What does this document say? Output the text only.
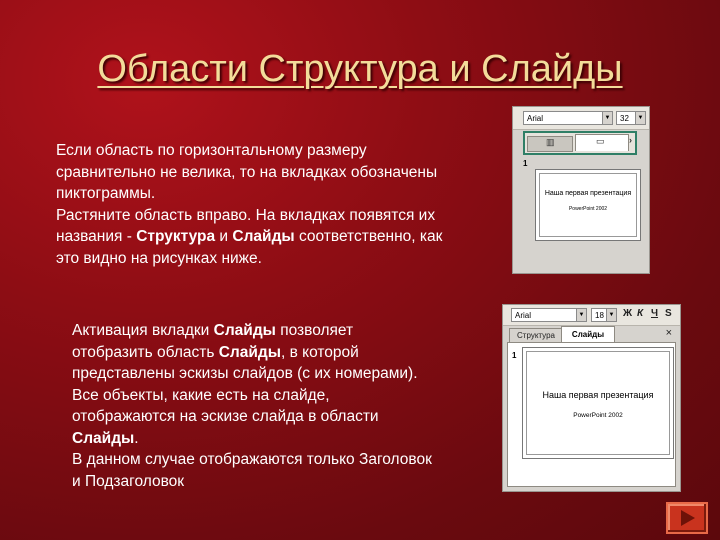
Области Структура и Слайды
Если область по горизонтальному размеру сравнительно не велика, то на вкладках обозначены пиктограммы.
Растяните область вправо. На вкладках появятся их названия - Структура и Слайды соответственно, как это видно на рисунках ниже.
Активация вкладки Слайды позволяет отобразить область Слайды, в которой представлены эскизы слайдов (с их номерами).
Все объекты, какие есть на слайде, отображаются на эскизе слайда в области Слайды.
В данном случае отображаются только Заголовок и Подзаголовок
Arial	▼	32	▼
▥	▭	›
1
Наша первая презентация
PowerPoint 2002
Arial	▼	18 ▼ Ж К Ч S
Структура	Слайды	×
1
Наша первая презентация
PowerPoint 2002
